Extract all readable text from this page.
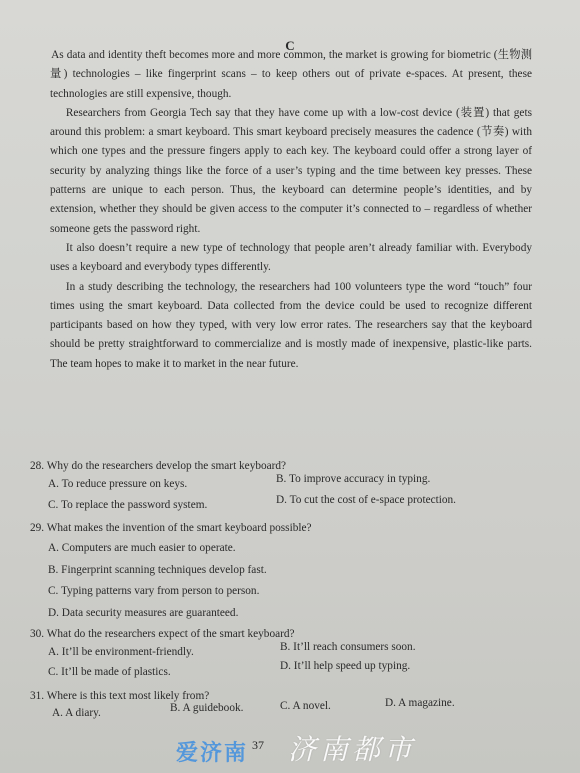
C

As data and identity theft becomes more and more common, the market is growing for biometric (生物测量) technologies – like fingerprint scans – to keep others out of private e-spaces. At present, these technologies are still expensive, though.

Researchers from Georgia Tech say that they have come up with a low-cost device (装置) that gets around this problem: a smart keyboard. This smart keyboard precisely measures the cadence (节奏) with which one types and the pressure fingers apply to each key. The keyboard could offer a strong layer of security by analyzing things like the force of a user’s typing and the time between key presses. These patterns are unique to each person. Thus, the keyboard can determine people’s identities, and by extension, whether they should be given access to the computer it’s connected to – regardless of whether someone gets the password right.

It also doesn’t require a new type of technology that people aren’t already familiar with. Everybody uses a keyboard and everybody types differently.

In a study describing the technology, the researchers had 100 volunteers type the word “touch” four times using the smart keyboard. Data collected from the device could be used to recognize different participants based on how they typed, with very low error rates. The researchers say that the keyboard should be pretty straightforward to commercialize and is mostly made of inexpensive, plastic-like parts. The team hopes to make it to market in the near future.

28. Why do the researchers develop the smart keyboard?
A. To reduce pressure on keys.	B. To improve accuracy in typing.
C. To replace the password system.	D. To cut the cost of e-space protection.
29. What makes the invention of the smart keyboard possible?
A. Computers are much easier to operate.
B. Fingerprint scanning techniques develop fast.
C. Typing patterns vary from person to person.
D. Data security measures are guaranteed.
30. What do the researchers expect of the smart keyboard?
A. It’ll be environment-friendly.	B. It’ll reach consumers soon.
C. It’ll be made of plastics.	D. It’ll help speed up typing.
31. Where is this text most likely from?
A. A diary.	B. A guidebook.	C. A novel.	D. A magazine.
爱济南 37 济南都市
